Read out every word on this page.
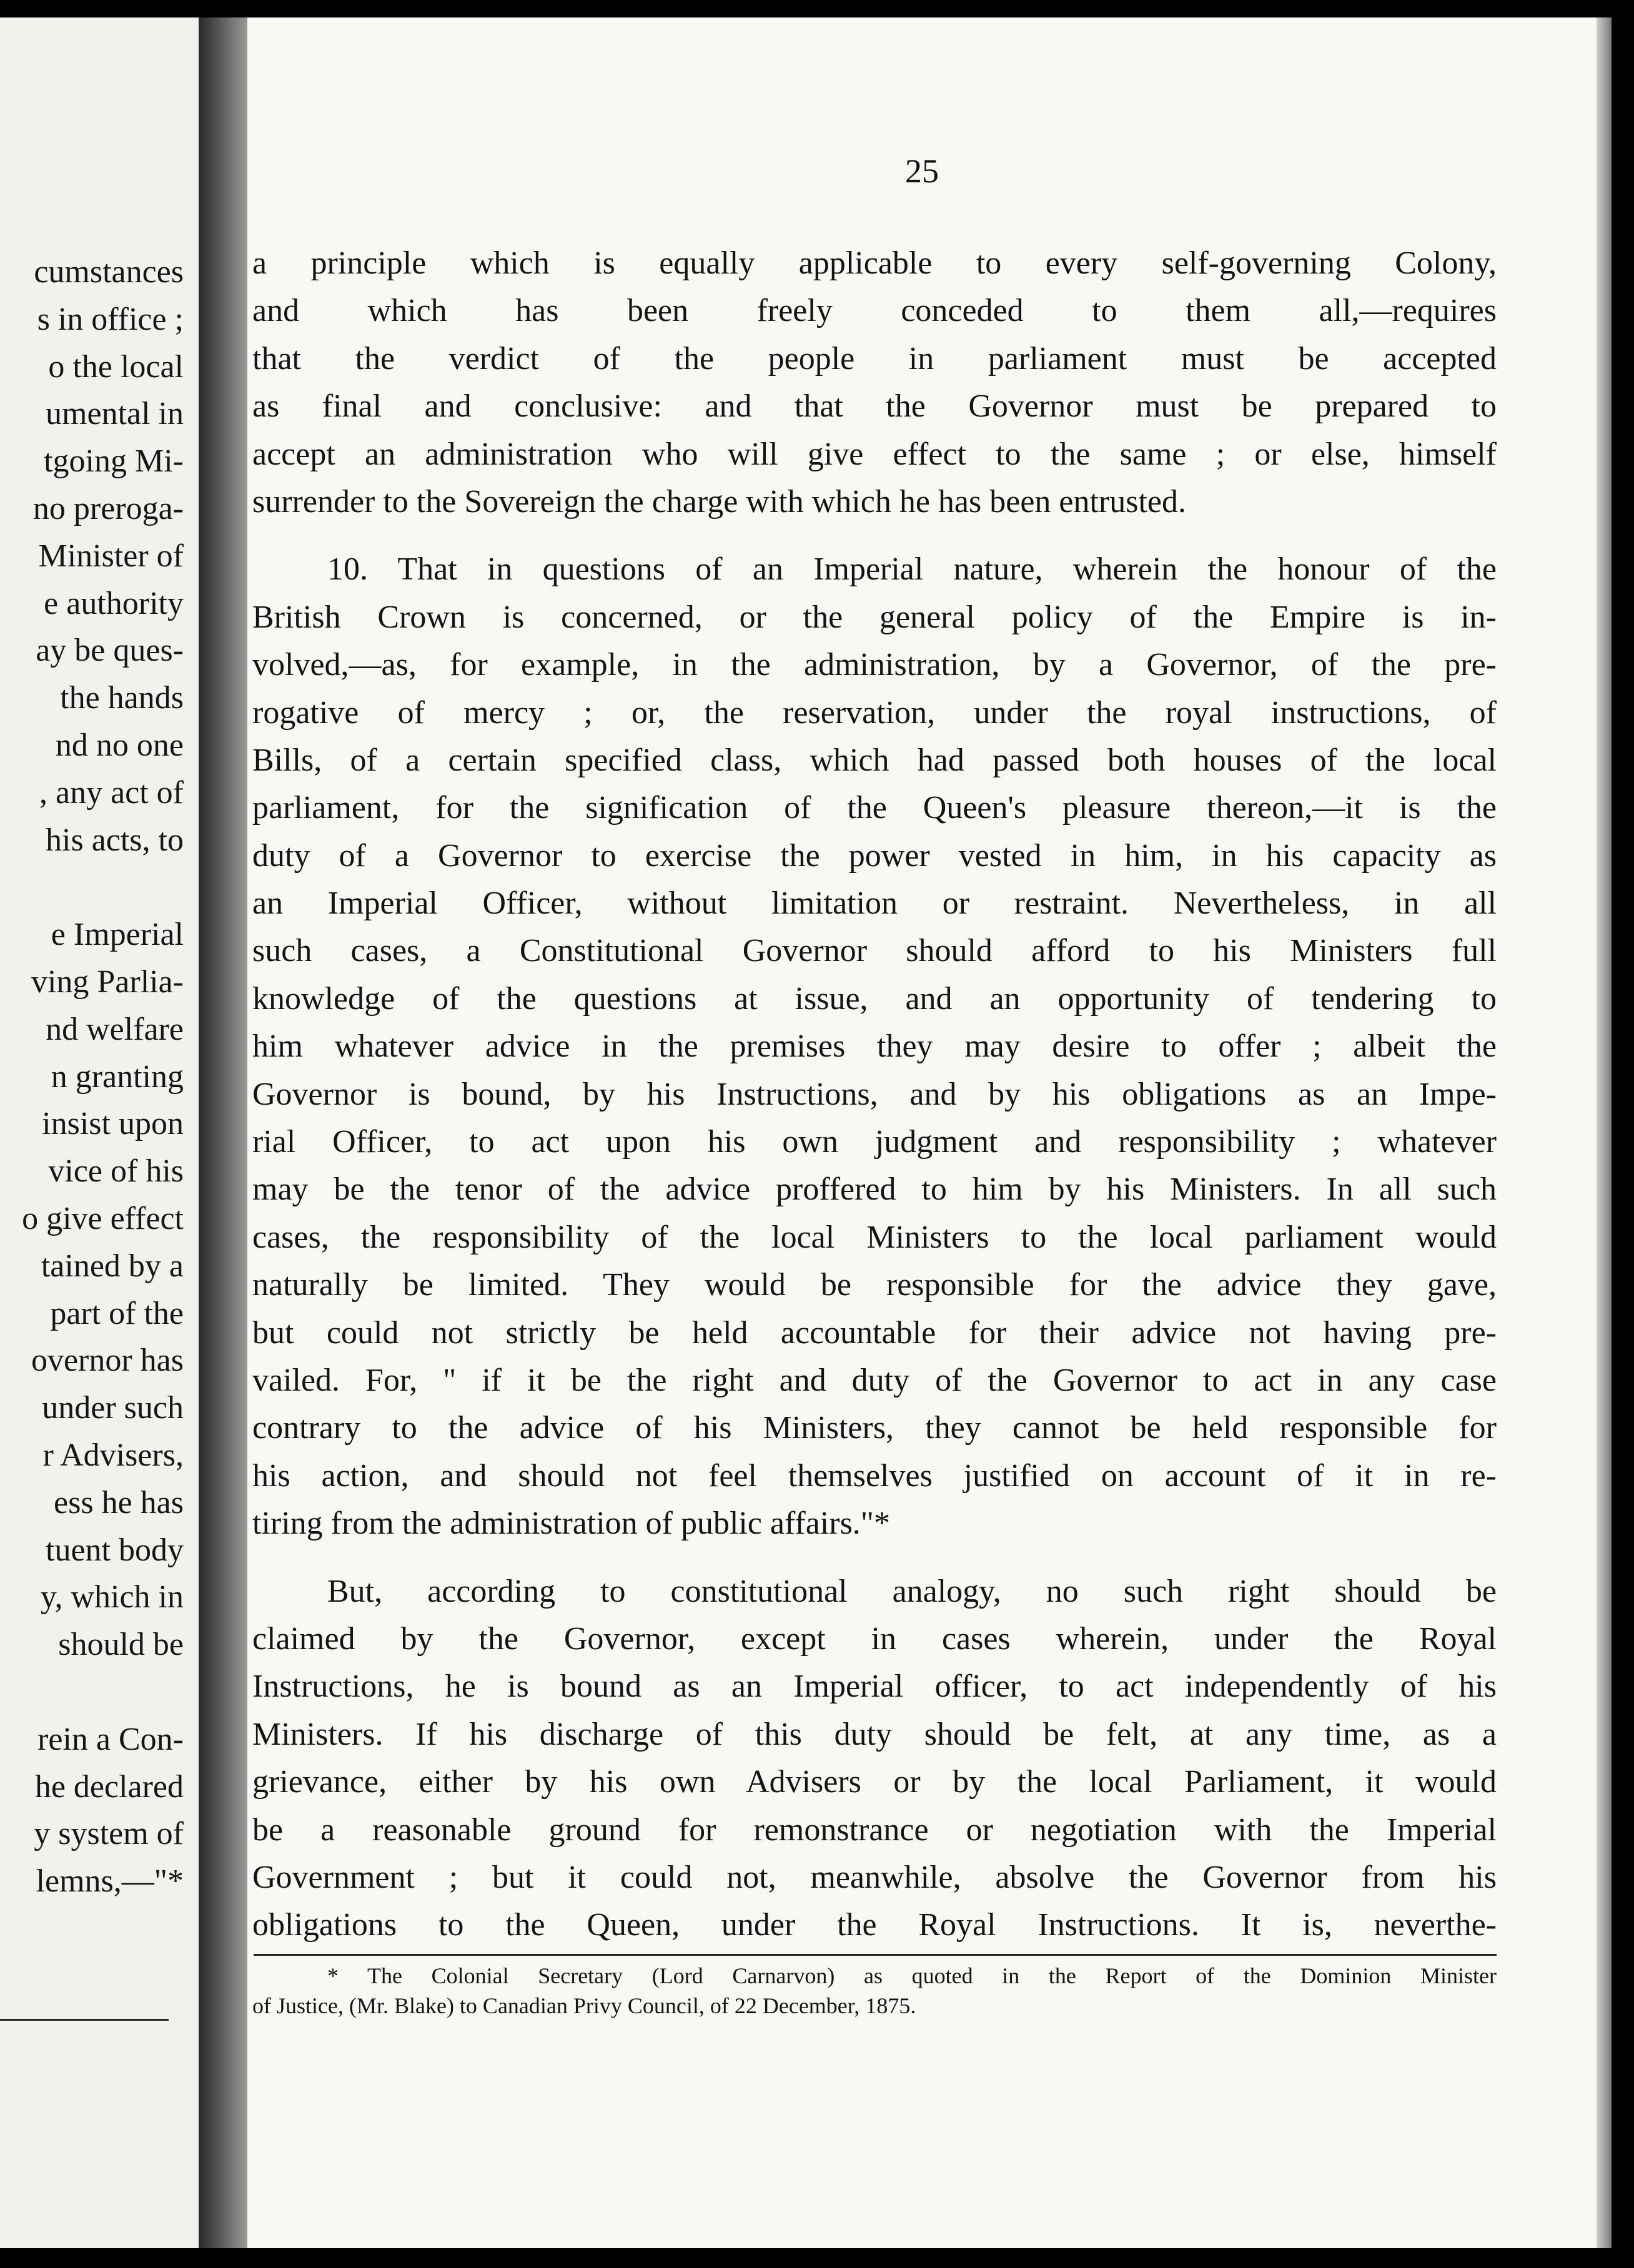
cumstances
s in office ;
o the local
umental in
tgoing Mi-
no preroga-
Minister of
e authority
ay be ques-
the hands
nd no one
, any act of
his acts, to
e Imperial
ving Parlia-
nd welfare
n granting
insist upon
vice of his
o give effect
tained by a
part of the
overnor has
under such
r Advisers,
ess he has
tuent body
y, which in
should be
rein a Con-
he declared
y system of
lemns,—"*
25
a principle which is equally applicable to every self-governing Colony,
and which has been freely conceded to them all,—requires
that the verdict of the people in parliament must be accepted
as final and conclusive: and that the Governor must be prepared to
accept an administration who will give effect to the same ; or else, himself
surrender to the Sovereign the charge with which he has been entrusted.
10. That in questions of an Imperial nature, wherein the honour of the
British Crown is concerned, or the general policy of the Empire is in-
volved,—as, for example, in the administration, by a Governor, of the pre-
rogative of mercy ; or, the reservation, under the royal instructions, of
Bills, of a certain specified class, which had passed both houses of the local
parliament, for the signification of the Queen's pleasure thereon,—it is the
duty of a Governor to exercise the power vested in him, in his capacity as
an Imperial Officer, without limitation or restraint. Nevertheless, in all
such cases, a Constitutional Governor should afford to his Ministers full
knowledge of the questions at issue, and an opportunity of tendering to
him whatever advice in the premises they may desire to offer ; albeit the
Governor is bound, by his Instructions, and by his obligations as an Impe-
rial Officer, to act upon his own judgment and responsibility ; whatever
may be the tenor of the advice proffered to him by his Ministers. In all such
cases, the responsibility of the local Ministers to the local parliament would
naturally be limited. They would be responsible for the advice they gave,
but could not strictly be held accountable for their advice not having pre-
vailed. For, " if it be the right and duty of the Governor to act in any case
contrary to the advice of his Ministers, they cannot be held responsible for
his action, and should not feel themselves justified on account of it in re-
tiring from the administration of public affairs."*
But, according to constitutional analogy, no such right should be
claimed by the Governor, except in cases wherein, under the Royal
Instructions, he is bound as an Imperial officer, to act independently of his
Ministers. If his discharge of this duty should be felt, at any time, as a
grievance, either by his own Advisers or by the local Parliament, it would
be a reasonable ground for remonstrance or negotiation with the Imperial
Government ; but it could not, meanwhile, absolve the Governor from his
obligations to the Queen, under the Royal Instructions. It is, neverthe-
* The Colonial Secretary (Lord Carnarvon) as quoted in the Report of the Dominion Minister
of Justice, (Mr. Blake) to Canadian Privy Council, of 22 December, 1875.
